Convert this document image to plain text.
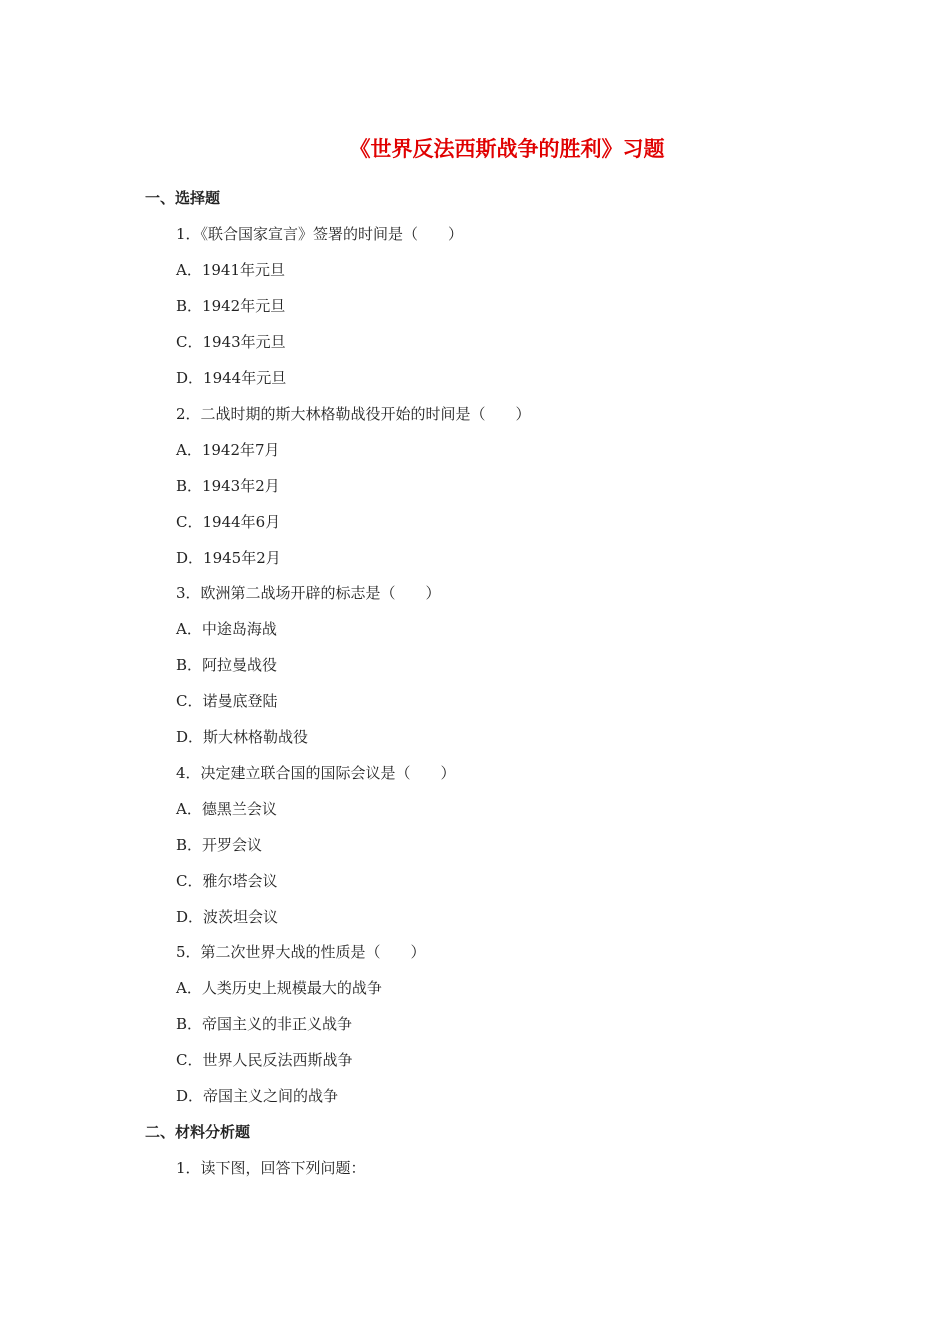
《世界反法西斯战争的胜利》习题
一、选择题
1．《联合国家宣言》签署的时间是（　　）
A．1941年元旦
B．1942年元旦
C．1943年元旦
D．1944年元旦
2．二战时期的斯大林格勒战役开始的时间是（　　）
A．1942年7月
B．1943年2月
C．1944年6月
D．1945年2月
3．欧洲第二战场开辟的标志是（　　）
A．中途岛海战
B．阿拉曼战役
C．诺曼底登陆
D．斯大林格勒战役
4．决定建立联合国的国际会议是（　　）
A．德黑兰会议
B．开罗会议
C．雅尔塔会议
D．波茨坦会议
5．第二次世界大战的性质是（　　）
A．人类历史上规模最大的战争
B．帝国主义的非正义战争
C．世界人民反法西斯战争
D．帝国主义之间的战争
二、材料分析题
1．读下图，回答下列问题：
